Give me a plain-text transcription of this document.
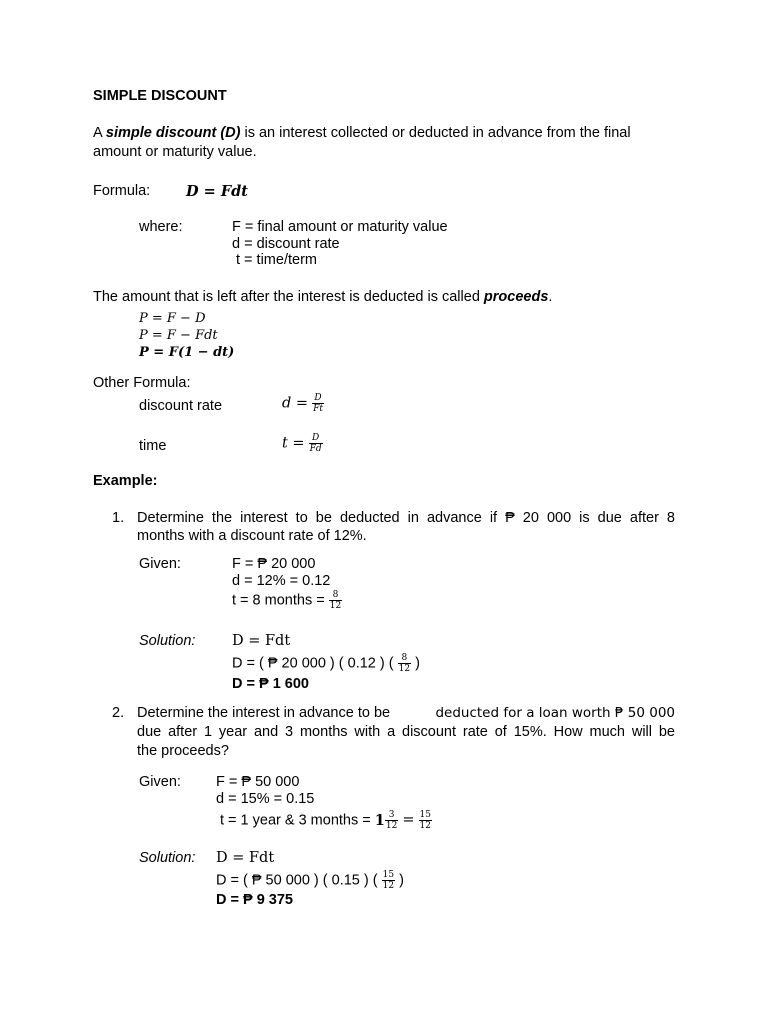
SIMPLE DISCOUNT
A simple discount (D) is an interest collected or deducted in advance from the final
amount or maturity value.
Formula: D = Fdt
where:	F = final amount or maturity value
d = discount rate
t = time/term
The amount that is left after the interest is deducted is called proceeds.
P = F − D
P = F − Fdt
P = F(1 − dt)
Other Formula:
discount rate	$d = \frac{D}{Ft}$
time	$t = \frac{D}{Fd}$
Example:
1. Determine the interest to be deducted in advance if ₱ 20 000 is due after 8
months with a discount rate of 12%.
Given:	F = ₱ 20 000
d = 12% = 0.12
t = 8 months = $\frac{8}{12}$
Solution:	D = Fdt
D = ( ₱ 20 000 ) ( 0.12 ) ( $\frac{8}{12}$ )
D = ₱ 1 600
2. Determine the interest in advance to be	deducted for a loan worth ₱ 50 000
due after 1 year and 3 months with a discount rate of 15%. How much will be
the proceeds?
Given: F = ₱ 50 000
d = 15% = 0.15
t = 1 year & 3 months = $1 \frac{3}{12} = \frac{15}{12}$
Solution: D = Fdt
D = ( ₱ 50 000 ) ( 0.15 ) ( $\frac{15}{12}$ )
D = ₱ 9 375
